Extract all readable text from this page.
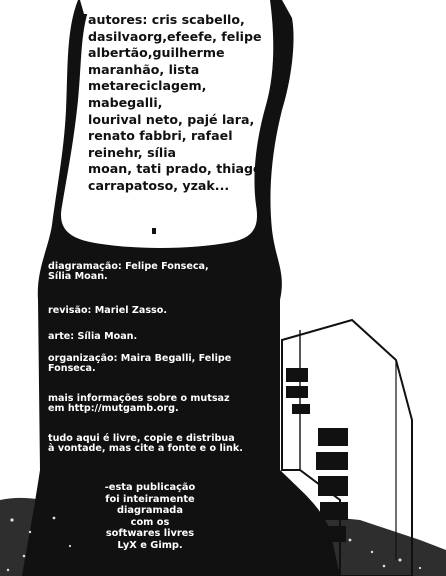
autores: cris scabello,
dasilvaorg,efeefe, felipe
albertão,guilherme
maranhão, lista
metareciclagem, mabegalli,
lourival neto, pajé lara,
renato fabbri, rafael
reinehr, sília
moan, tati prado, thiago
carrapatoso, yzak...
diagramação: Felipe Fonseca,
Sília Moan.
revisão: Mariel Zasso.
arte: Sília Moan.
organização: Maira Begalli, Felipe
Fonseca.
mais informações sobre o mutsaz
em http://mutgamb.org.
tudo aqui é livre, copie e distribua
à vontade, mas cite a fonte e o link.
-esta publicação
foi inteiramente
diagramada
com os
softwares livres
LyX e Gimp.
